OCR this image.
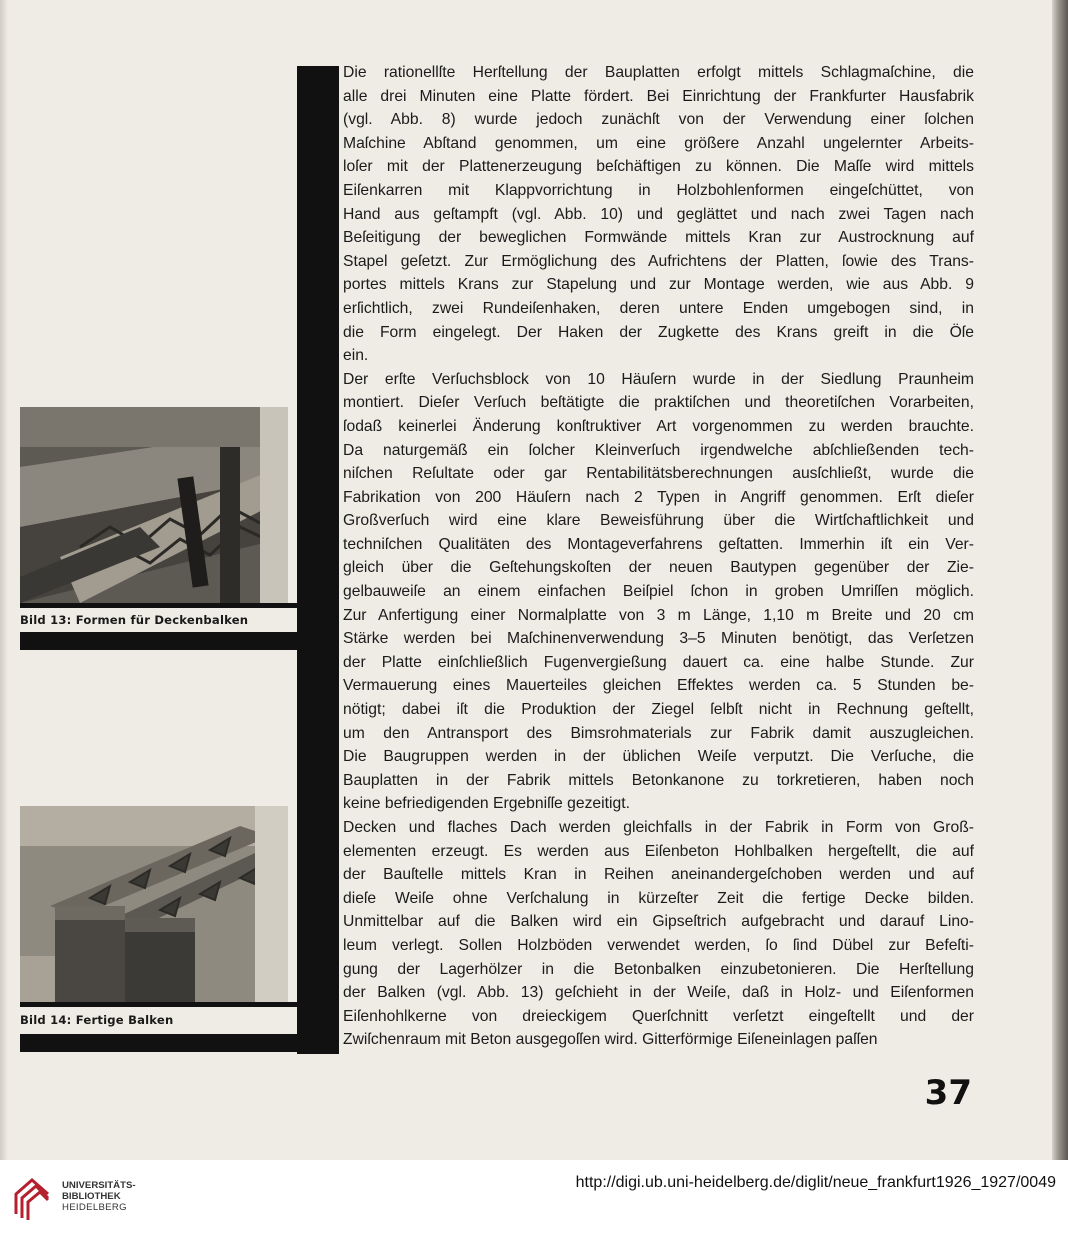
Bild 13: Formen für Deckenbalken
Bild 14: Fertige Balken
Die rationellſte Herſtellung der Bauplatten erfolgt mittels Schlagmaſchine, die
alle drei Minuten eine Platte fördert. Bei Einrichtung der Frankfurter Hausfabrik
(vgl. Abb. 8) wurde jedoch zunächſt von der Verwendung einer ſolchen
Maſchine Abſtand genommen, um eine größere Anzahl ungelernter Arbeits-
loſer mit der Plattenerzeugung beſchäftigen zu können. Die Maſſe wird mittels
Eiſenkarren mit Klappvorrichtung in Holzbohlenformen eingeſchüttet, von
Hand aus geſtampft (vgl. Abb. 10) und geglättet und nach zwei Tagen nach
Beſeitigung der beweglichen Formwände mittels Kran zur Austrocknung auf
Stapel geſetzt. Zur Ermöglichung des Aufrichtens der Platten, ſowie des Trans-
portes mittels Krans zur Stapelung und zur Montage werden, wie aus Abb. 9
erſichtlich, zwei Rundeiſenhaken, deren untere Enden umgebogen sind, in
die Form eingelegt. Der Haken der Zugkette des Krans greift in die Öſe
ein.
Der erſte Verſuchsblock von 10 Häuſern wurde in der Siedlung Praunheim
montiert. Dieſer Verſuch beſtätigte die praktiſchen und theoretiſchen Vorarbeiten,
ſodaß keinerlei Änderung konſtruktiver Art vorgenommen zu werden brauchte.
Da naturgemäß ein ſolcher Kleinverſuch irgendwelche abſchließenden tech-
niſchen Reſultate oder gar Rentabilitätsberechnungen ausſchließt, wurde die
Fabrikation von 200 Häuſern nach 2 Typen in Angriff genommen. Erſt dieſer
Großverſuch wird eine klare Beweisführung über die Wirtſchaftlichkeit und
techniſchen Qualitäten des Montageverfahrens geſtatten. Immerhin iſt ein Ver-
gleich über die Geſtehungskoſten der neuen Bautypen gegenüber der Zie-
gelbauweiſe an einem einfachen Beiſpiel ſchon in groben Umriſſen möglich.
Zur Anfertigung einer Normalplatte von 3 m Länge, 1,10 m Breite und 20 cm
Stärke werden bei Maſchinenverwendung 3–5 Minuten benötigt, das Verſetzen
der Platte einſchließlich Fugenvergießung dauert ca. eine halbe Stunde. Zur
Vermauerung eines Mauerteiles gleichen Effektes werden ca. 5 Stunden be-
nötigt; dabei iſt die Produktion der Ziegel ſelbſt nicht in Rechnung geſtellt,
um den Antransport des Bimsrohmaterials zur Fabrik damit auszugleichen.
Die Baugruppen werden in der üblichen Weiſe verputzt. Die Verſuche, die
Bauplatten in der Fabrik mittels Betonkanone zu torkretieren, haben noch
keine befriedigenden Ergebniſſe gezeitigt.
Decken und flaches Dach werden gleichfalls in der Fabrik in Form von Groß-
elementen erzeugt. Es werden aus Eiſenbeton Hohlbalken hergeſtellt, die auf
der Bauſtelle mittels Kran in Reihen aneinandergeſchoben werden und auf
dieſe Weiſe ohne Verſchalung in kürzeſter Zeit die fertige Decke bilden.
Unmittelbar auf die Balken wird ein Gipseſtrich aufgebracht und darauf Lino-
leum verlegt. Sollen Holzböden verwendet werden, ſo ſind Dübel zur Befeſti-
gung der Lagerhölzer in die Betonbalken einzubetonieren. Die Herſtellung
der Balken (vgl. Abb. 13) geſchieht in der Weiſe, daß in Holz- und Eiſenformen
Eiſenhohlkerne von dreieckigem Querſchnitt verſetzt eingeſtellt und der
Zwiſchenraum mit Beton ausgegoſſen wird. Gitterförmige Eiſeneinlagen paſſen
37
UNIVERSITÄTS-
BIBLIOTHEK
HEIDELBERG
http://digi.ub.uni-heidelberg.de/diglit/neue_frankfurt1926_1927/0049
